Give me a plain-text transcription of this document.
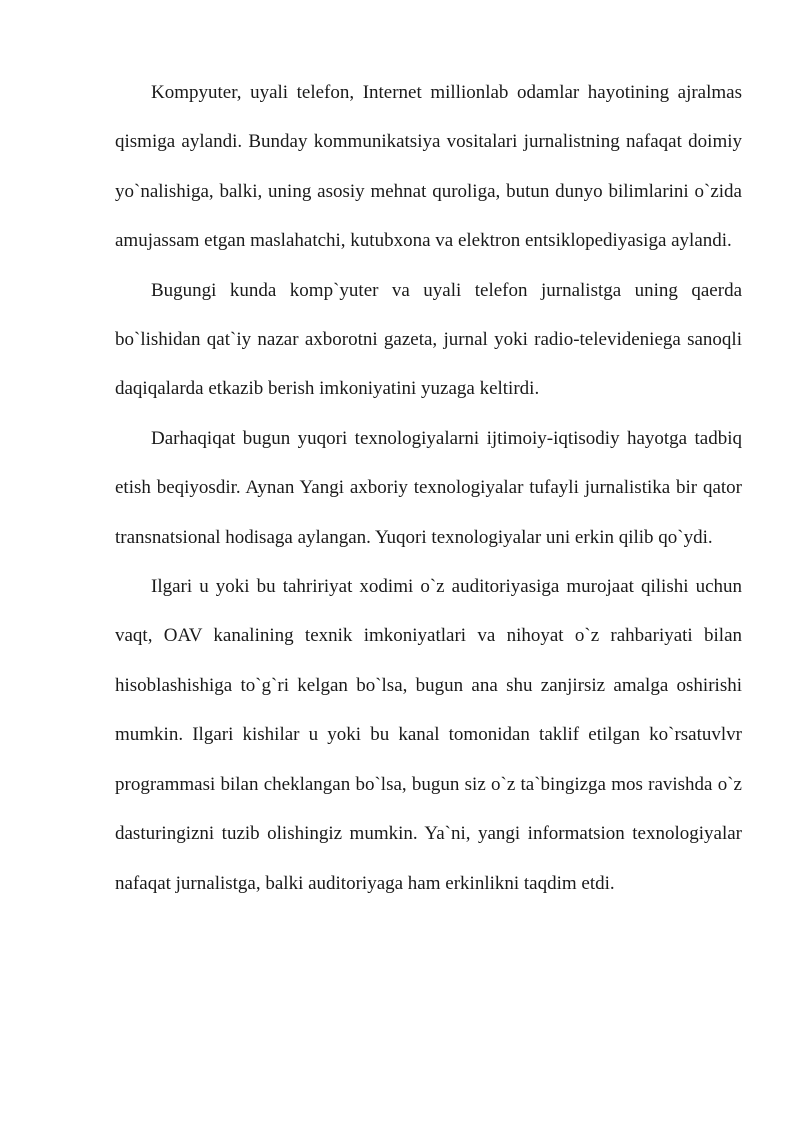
Kompyuter, uyali telefon, Internet millionlab odamlar hayotining ajralmas qismiga aylandi. Bunday kommunikatsiya vositalari jurnalistning nafaqat doimiy yo`nalishiga, balki, uning asosiy mehnat quroliga, butun dunyo bilimlarini o`zida amujassam etgan maslahatchi, kutubxona va elektron entsiklopediyasiga aylandi.

Bugungi kunda komp`yuter va uyali telefon jurnalistga uning qaerda bo`lishidan qat`iy nazar axborotni gazeta, jurnal yoki radio-televideniega sanoqli daqiqalarda etkazib berish imkoniyatini yuzaga keltirdi.

Darhaqiqat bugun yuqori texnologiyalarni ijtimoiy-iqtisodiy hayotga tadbiq etish beqiyosdir. Aynan Yangi axboriy texnologiyalar tufayli jurnalistika bir qator transnatsional hodisaga aylangan. Yuqori texnologiyalar uni erkin qilib qo`ydi.

Ilgari u yoki bu tahririyat xodimi o`z auditoriyasiga murojaat qilishi uchun vaqt, OAV kanalining texnik imkoniyatlari va nihoyat o`z rahbariyati bilan hisoblashishiga to`g`ri kelgan bo`lsa, bugun ana shu zanjirsiz amalga oshirishi mumkin. Ilgari kishilar u yoki bu kanal tomonidan taklif etilgan ko`rsatuvlvr programmasi bilan cheklangan bo`lsa, bugun siz o`z ta`bingizga mos ravishda o`z dasturingizni tuzib olishingiz mumkin. Ya`ni, yangi informatsion texnologiyalar nafaqat jurnalistga, balki auditoriyaga ham erkinlikni taqdim etdi.
